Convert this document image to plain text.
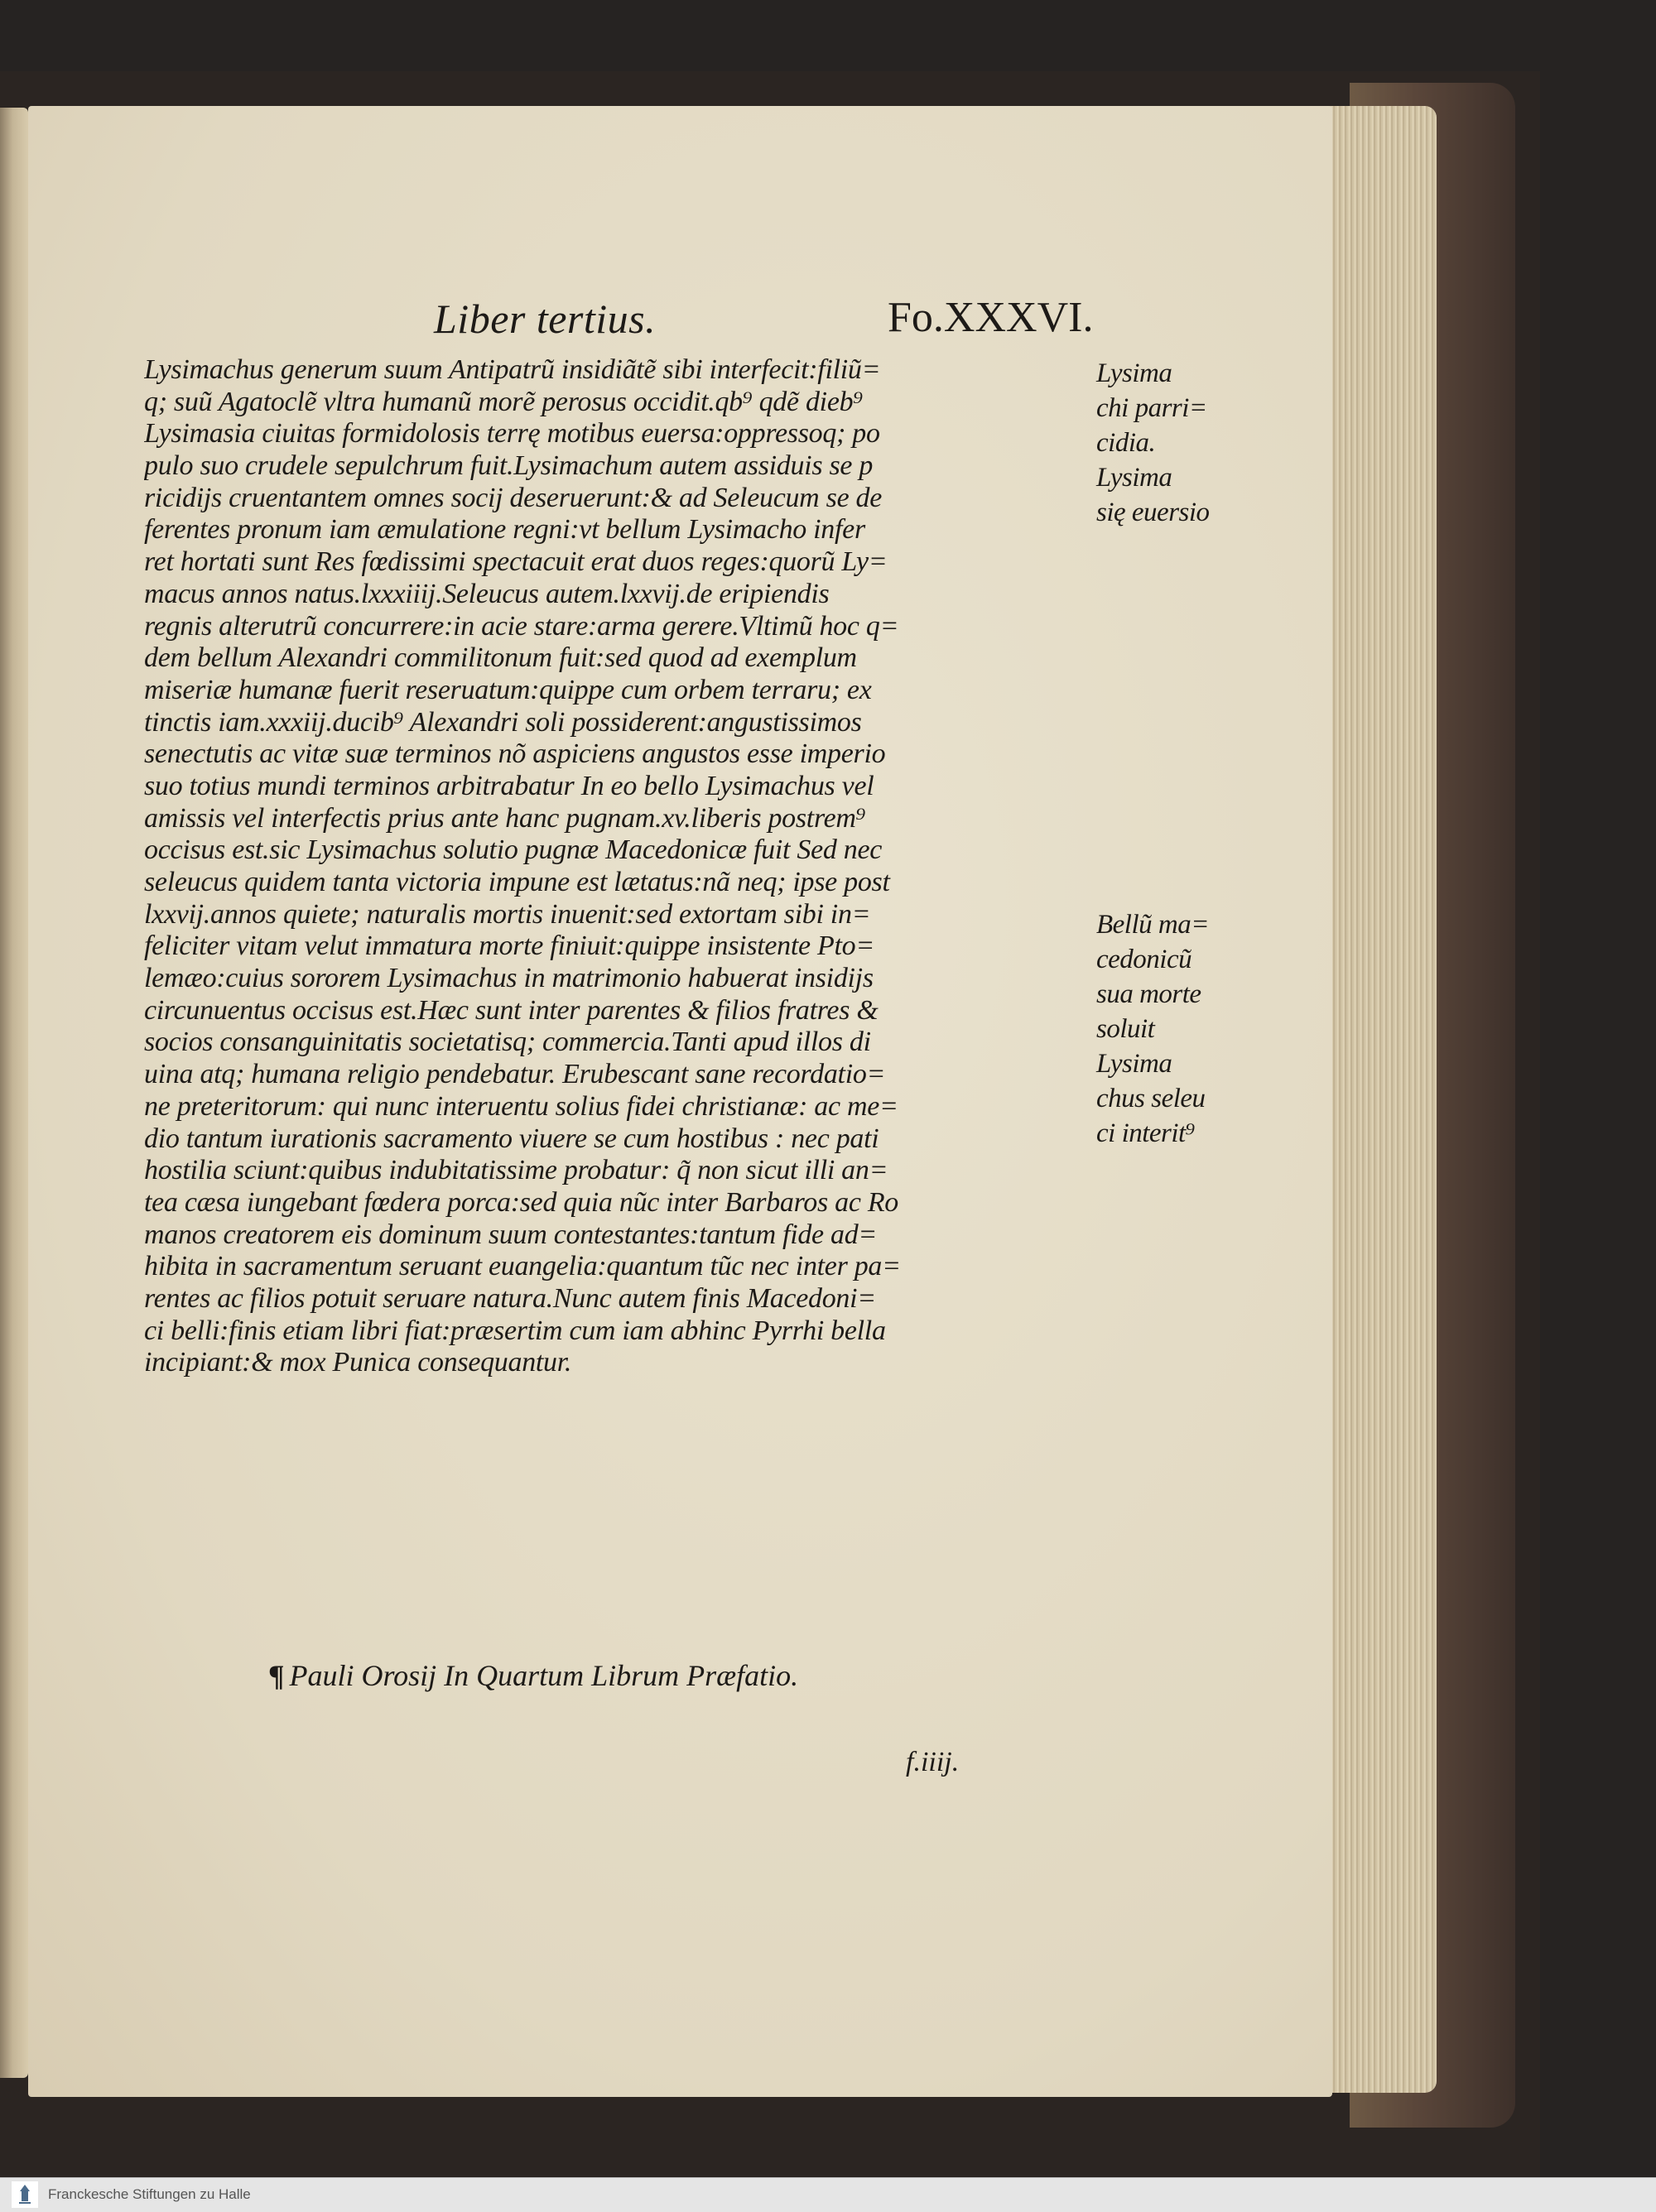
Liber tertius.	Fo.XXXVI.
Lysimachus generum suum Antipatrũ insidiãtẽ sibi interfecit:filiũ=
q; suũ Agatoclẽ vltra humanũ morẽ perosus occidit.qb⁹ qdẽ dieb⁹
Lysimasia ciuitas formidolosis terrę motibus euersa:oppressoq; po
pulo suo crudele sepulchrum fuit.Lysimachum autem assiduis se p
ricidijs cruentantem omnes socij deseruerunt:& ad Seleucum se de
ferentes pronum iam æmulatione regni:vt bellum Lysimacho infer
ret hortati sunt Res fœdissimi spectacuit erat duos reges:quorũ Ly=
macus annos natus.lxxxiiij.Seleucus autem.lxxvij.de eripiendis
regnis alterutrũ concurrere:in acie stare:arma gerere.Vltimũ hoc q=
dem bellum Alexandri commilitonum fuit:sed quod ad exemplum
miseriæ humanæ fuerit reseruatum:quippe cum orbem terraru; ex
tinctis iam.xxxiij.ducib⁹ Alexandri soli possiderent:angustissimos
senectutis ac vitæ suæ terminos nõ aspiciens angustos esse imperio
suo totius mundi terminos arbitrabatur In eo bello Lysimachus vel
amissis vel interfectis prius ante hanc pugnam.xv.liberis postrem⁹
occisus est.sic Lysimachus solutio pugnæ Macedonicæ fuit Sed nec
seleucus quidem tanta victoria impune est lætatus:nã neq; ipse post
lxxvij.annos quiete; naturalis mortis inuenit:sed extortam sibi in=
feliciter vitam velut immatura morte finiuit:quippe insistente Pto=
lemæo:cuius sororem Lysimachus in matrimonio habuerat insidijs
circunuentus occisus est.Hæc sunt inter parentes & filios fratres &
socios consanguinitatis societatisq; commercia.Tanti apud illos di
uina atq; humana religio pendebatur. Erubescant sane recordatio=
ne preteritorum: qui nunc interuentu solius fidei christianæ: ac me=
dio tantum iurationis sacramento viuere se cum hostibus : nec pati
hostilia sciunt:quibus indubitatissime probatur: q̃ non sicut illi an=
tea cæsa iungebant fœdera porca:sed quia nũc inter Barbaros ac Ro
manos creatorem eis dominum suum contestantes:tantum fide ad=
hibita in sacramentum seruant euangelia:quantum tũc nec inter pa=
rentes ac filios potuit seruare natura.Nunc autem finis Macedoni=
ci belli:finis etiam libri fiat:præsertim cum iam abhinc Pyrrhi bella
incipiant:& mox Punica consequantur.
Lysima
chi parri=
cidia.
Lysima
się euersio
Bellũ ma=
cedonicũ
sua morte
soluit
Lysima
chus seleu
ci interit⁹
¶ Pauli Orosij In Quartum Librum Præfatio.
f.iiij.
Franckesche Stiftungen zu Halle
